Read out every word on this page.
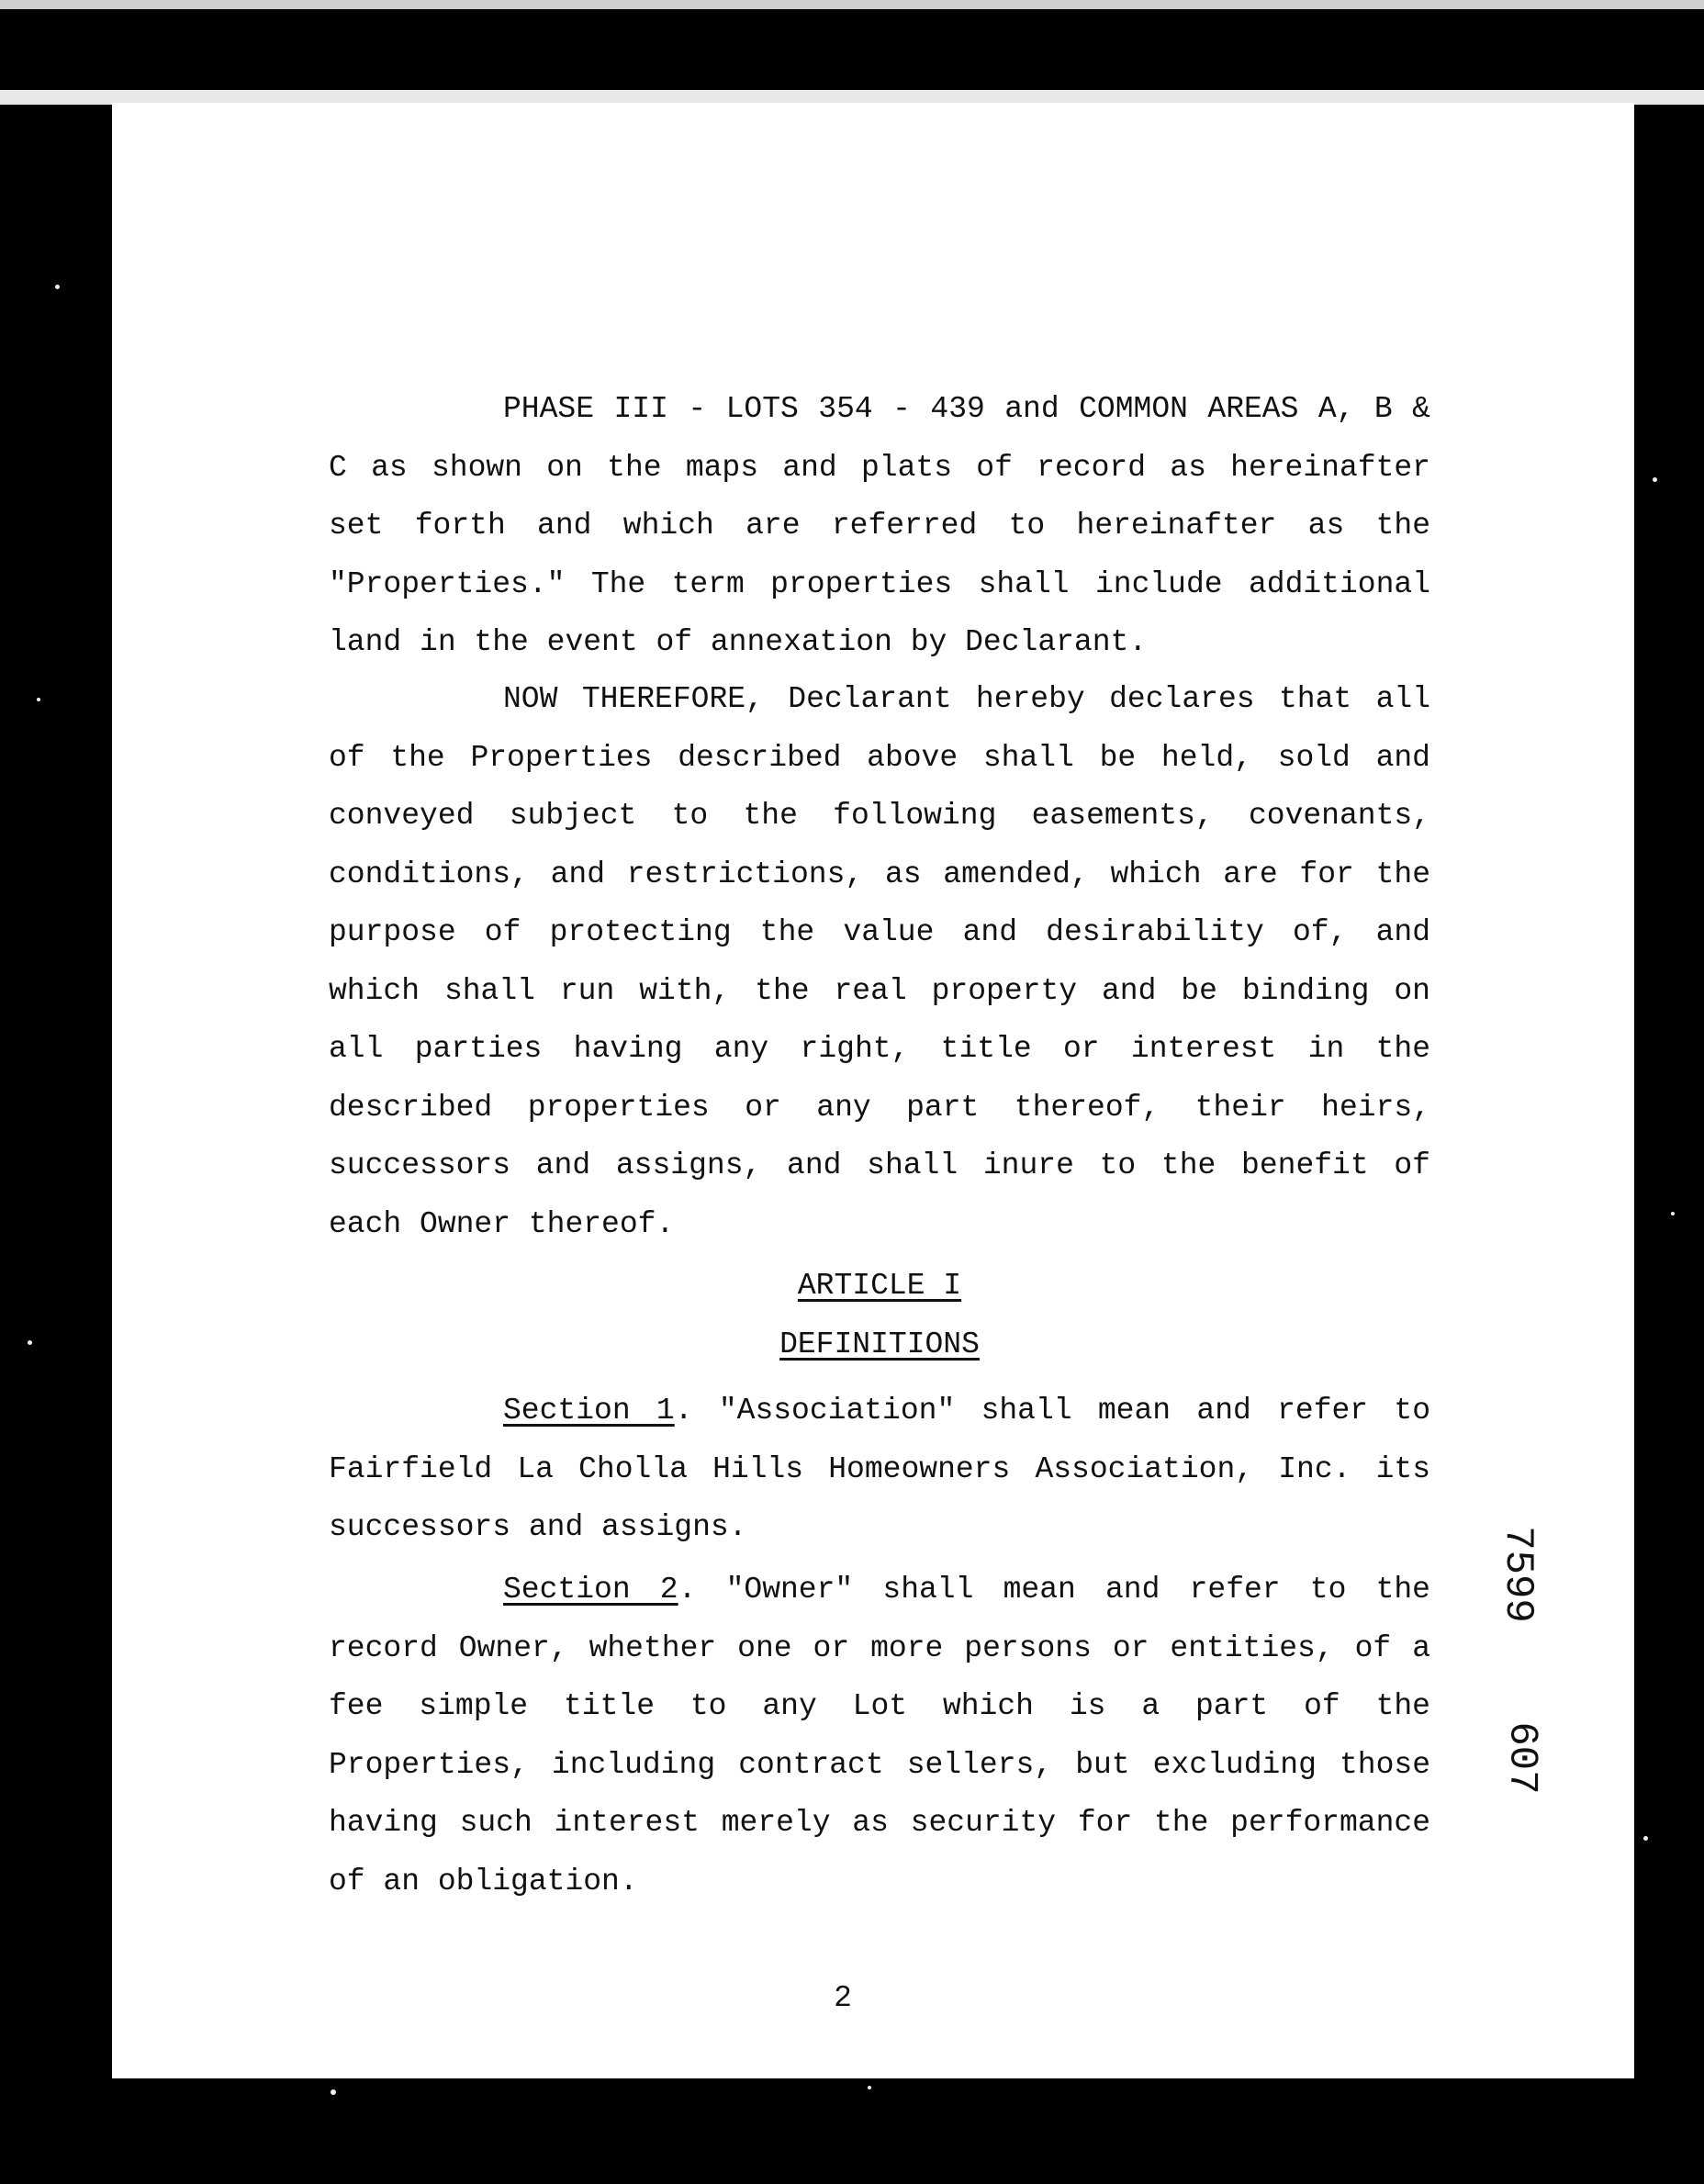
PHASE III - LOTS 354 - 439 and COMMON AREAS A, B & C as shown on the maps and plats of record as hereinafter set forth and which are referred to hereinafter as the "Properties." The term properties shall include additional land in the event of annexation by Declarant.

NOW THEREFORE, Declarant hereby declares that all of the Properties described above shall be held, sold and conveyed subject to the following easements, covenants, conditions, and restrictions, as amended, which are for the purpose of protecting the value and desirability of, and which shall run with, the real property and be binding on all parties having any right, title or interest in the described properties or any part thereof, their heirs, successors and assigns, and shall inure to the benefit of each Owner thereof.

ARTICLE I
DEFINITIONS

Section 1. "Association" shall mean and refer to Fairfield La Cholla Hills Homeowners Association, Inc. its successors and assigns.

Section 2. "Owner" shall mean and refer to the record Owner, whether one or more persons or entities, of a fee simple title to any Lot which is a part of the Properties, including contract sellers, but excluding those having such interest merely as security for the performance of an obligation.

2
7599
607
